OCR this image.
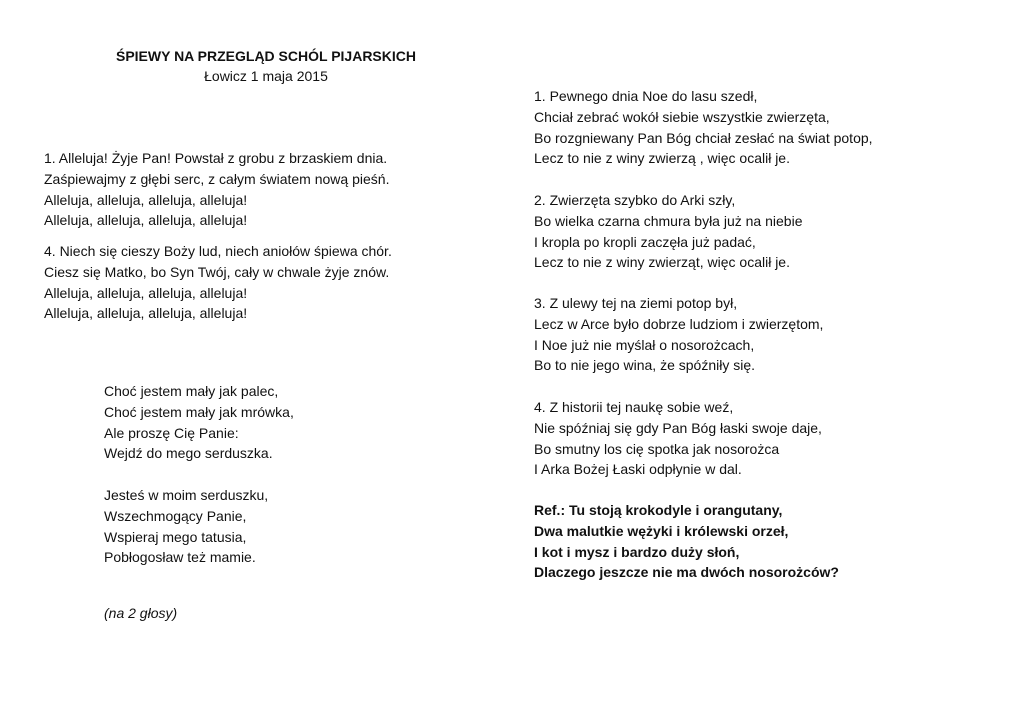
ŚPIEWY NA PRZEGLĄD SCHÓL PIJARSKICH
Łowicz 1 maja 2015
1. Alleluja! Żyje Pan! Powstał z grobu z brzaskiem dnia.
Zaśpiewajmy z głębi serc, z całym światem nową pieśń.
Alleluja, alleluja, alleluja, alleluja!
Alleluja, alleluja, alleluja, alleluja!
4. Niech się cieszy Boży lud, niech aniołów śpiewa chór.
Ciesz się Matko, bo Syn Twój, cały w chwale żyje znów.
Alleluja, alleluja, alleluja, alleluja!
Alleluja, alleluja, alleluja, alleluja!
Choć jestem mały jak palec,
Choć jestem mały jak mrówka,
Ale proszę Cię Panie:
Wejdź do mego serduszka.
Jesteś w moim serduszku,
Wszechmogący Panie,
Wspieraj mego tatusia,
Pobłogosław też mamie.
(na 2 głosy)
1. Pewnego dnia Noe do lasu szedł,
Chciał zebrać wokół siebie wszystkie zwierzęta,
Bo rozgniewany Pan Bóg chciał zesłać na świat potop,
Lecz to nie z winy zwierzą , więc ocalił je.
2. Zwierzęta szybko do Arki szły,
Bo wielka czarna chmura była już na niebie
I kropla po kropli zaczęła już padać,
Lecz to nie z winy zwierząt, więc ocalił je.
3. Z ulewy tej na ziemi potop był,
Lecz w Arce było dobrze ludziom i zwierzętom,
I Noe już nie myślał o nosorożcach,
Bo to nie jego wina, że spóźniły się.
4. Z historii tej naukę sobie weź,
Nie spóźniaj się gdy Pan Bóg łaski swoje daje,
Bo smutny los cię spotka jak nosorożca
I Arka Bożej Łaski odpłynie w dal.
Ref.: Tu stoją krokodyle i orangutany,
Dwa malutkie wężyki i królewski orzeł,
I kot i mysz i bardzo duży słoń,
Dlaczego jeszcze nie ma dwóch nosorożców?
